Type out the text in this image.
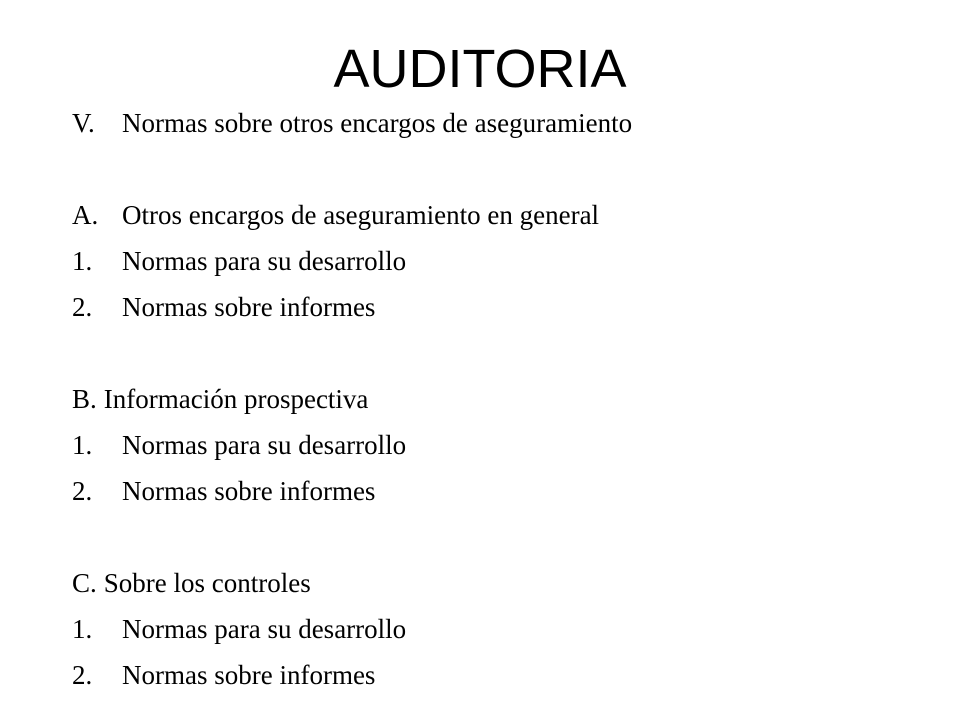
AUDITORIA
V. Normas sobre otros encargos de aseguramiento
A. Otros encargos de aseguramiento en general
1. Normas para su desarrollo
2. Normas sobre informes
B. Información prospectiva
1. Normas para su desarrollo
2. Normas sobre informes
C. Sobre los controles
1. Normas para su desarrollo
2. Normas sobre informes
